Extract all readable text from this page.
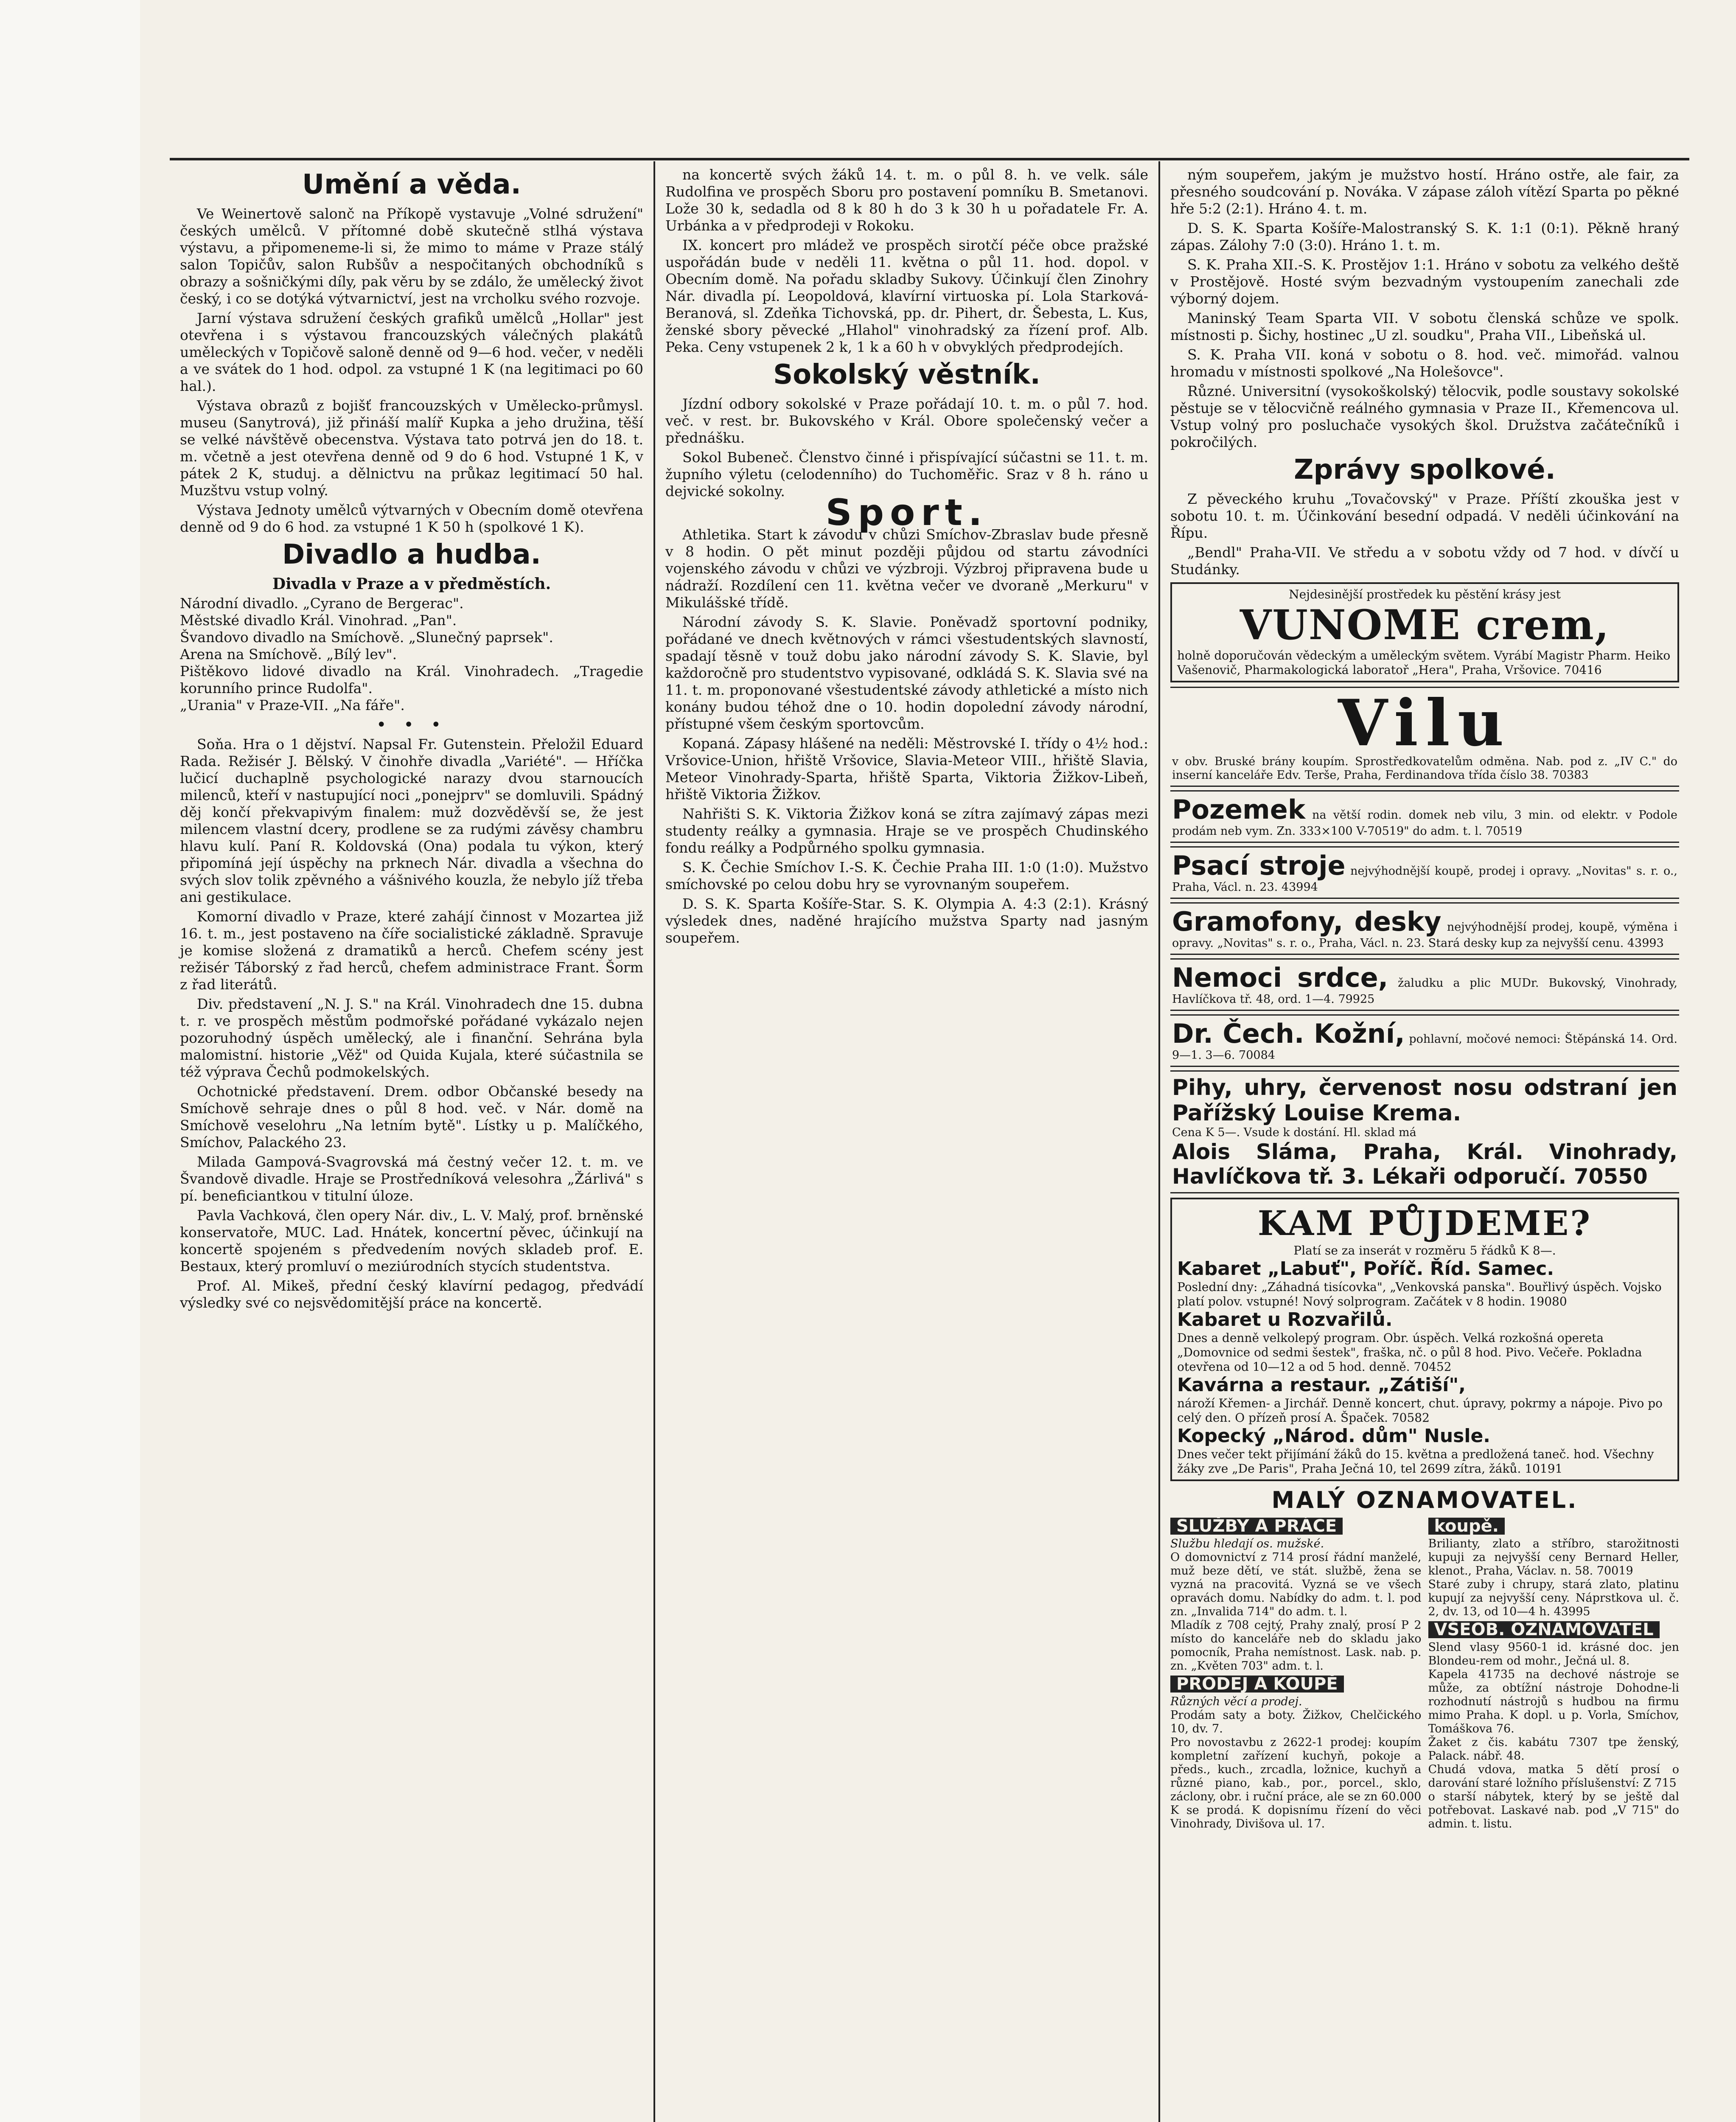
Umění a věda.

Ve Weinertově salonč na Příkopě vystavuje „Volné sdružení" českých umělců. V přítomné době skutečně stlhá výstava výstavu, a připomeneme-li si, že mimo to máme v Praze stálý salon Topičův, salon Rubšův a nespočitaných obchodníků s obrazy a sošničkými díly, pak věru by se zdálo, že umělecký život český, i co se dotýká výtvarnictví, jest na vrcholku svého rozvoje.

Jarní výstava sdružení českých grafiků umělců „Hollar" jest otevřena i s výstavou francouzských válečných plakátů uměleckých v Topičově saloně denně od 9—6 hod. večer, v neděli a ve svátek do 1 hod. odpol. za vstupné 1 K (na legitimaci po 60 hal.).

Výstava obrazů z bojišť francouzských v Umělecko-průmysl. museu (Sanytrová), již přináší malíř Kupka a jeho družina, těší se velké návštěvě obecenstva. Výstava tato potrvá jen do 18. t. m. včetně a jest otevřena denně od 9 do 6 hod. Vstupné 1 K, v pátek 2 K, studuj. a dělnictvu na průkaz legitimací 50 hal. Muzštvu vstup volný.

Výstava Jednoty umělců výtvarných v Obecním domě otevřena denně od 9 do 6 hod. za vstupné 1 K 50 h (spolkové 1 K).

Divadlo a hudba.
Divadla v Praze a v předměstích.

Národní divadlo. „Cyrano de Bergerac".

Městské divadlo Král. Vinohrad. „Pan".

Švandovo divadlo na Smíchově. „Slunečný paprsek".

Arena na Smíchově. „Bílý lev".

Pištěkovo lidové divadlo na Král. Vinohradech. „Tragedie korunního prince Rudolfa".

„Urania" v Praze-VII. „Na fáře".

• • •

Soňa. Hra o 1 dějství. Napsal Fr. Gutenstein. Přeložil Eduard Rada. Režisér J. Bělský. V činohře divadla „Variété". — Hříčka lučicí duchaplně psychologické narazy dvou starnoucích milenců, kteří v nastupující noci „ponejprv" se domluvili. Spádný děj končí překvapivým finalem: muž dozvěděvší se, že jest milencem vlastní dcery, prodlene se za rudými závěsy chambru hlavu kulí. Paní R. Koldovská (Ona) podala tu výkon, který připomíná její úspěchy na prknech Nár. divadla a všechna do svých slov tolik zpěvného a vášnivého kouzla, že nebylo jíž třeba ani gestikulace.

Komorní divadlo v Praze, které zahájí činnost v Mozartea již 16. t. m., jest postaveno na číře socialistické základně. Spravuje je komise složená z dramatiků a herců. Chefem scény jest režisér Táborský z řad herců, chefem administrace Frant. Šorm z řad literátů.

Div. představení „N. J. S." na Král. Vinohradech dne 15. dubna t. r. ve prospěch městům podmořské pořádané vykázalo nejen pozoruhodný úspěch umělecký, ale i finanční. Sehrána byla malomistní. historie „Věž" od Quida Kujala, které súčastnila se též výprava Čechů podmokelských.

Ochotnické představení. Drem. odbor Občanské besedy na Smíchově sehraje dnes o půl 8 hod. več. v Nár. domě na Smíchově veselohru „Na letním bytě". Lístky u p. Malíčkého, Smíchov, Palackého 23.

Milada Gampová-Svagrovská má čestný večer 12. t. m. ve Švandově divadle. Hraje se Prostředníková velesohra „Žárlivá" s pí. beneficiantkou v titulní úloze.

Pavla Vachková, člen opery Nár. div., L. V. Malý, prof. brněnské konservatoře, MUC. Lad. Hnátek, koncertní pěvec, účinkují na koncertě spojeném s předvedením nových skladeb prof. E. Bestaux, který promluví o meziúrodních stycích studentstva.

Prof. Al. Mikeš, přední český klavírní pedagog, předvádí výsledky své co nejsvědomitější práce na koncertě.

na koncertě svých žáků 14. t. m. o půl 8. h. ve velk. sále Rudolfina ve prospěch Sboru pro postavení pomníku B. Smetanovi. Lože 30 k, sedadla od 8 k 80 h do 3 k 30 h u pořadatele Fr. A. Urbánka a v předprodeji v Rokoku.

IX. koncert pro mládež ve prospěch sirotčí péče obce pražské uspořádán bude v neděli 11. května o půl 11. hod. dopol. v Obecním domě. Na pořadu skladby Sukovy. Účinkují člen Zinohry Nár. divadla pí. Leopoldová, klavírní virtuoska pí. Lola Starková-Beranová, sl. Zdeňka Tichovská, pp. dr. Pihert, dr. Šebesta, L. Kus, ženské sbory pěvecké „Hlahol" vinohradský za řízení prof. Alb. Peka. Ceny vstupenek 2 k, 1 k a 60 h v obvyklých předprodejích.

Sokolský věstník.

Jízdní odbory sokolské v Praze pořádají 10. t. m. o půl 7. hod. več. v rest. br. Bukovského v Král. Obore společenský večer a přednášku.

Sokol Bubeneč. Členstvo činné i přispívající súčastni se 11. t. m. župního výletu (celodenního) do Tuchoměřic. Sraz v 8 h. ráno u dejvické sokolny.

Sport.

Athletika. Start k závodu v chůzi Smíchov-Zbraslav bude přesně v 8 hodin. O pět minut později půjdou od startu závodníci vojenského závodu v chůzi ve výzbroji. Výzbroj připravena bude u nádraží. Rozdílení cen 11. května večer ve dvoraně „Merkuru" v Mikulášské třídě.

Národní závody S. K. Slavie. Poněvadž sportovní podniky, pořádané ve dnech květnových v rámci všestudentských slavností, spadají těsně v touž dobu jako národní závody S. K. Slavie, byl každoročně pro studentstvo vypisované, odkládá S. K. Slavia své na 11. t. m. proponované všestudentské závody athletické a místo nich konány budou téhož dne o 10. hodin dopolední závody národní, přístupné všem českým sportovcům.

Kopaná. Zápasy hlášené na neděli: Městrovské I. třídy o 4½ hod.: Vršovice-Union, hřiště Vršovice, Slavia-Meteor VIII., hřiště Slavia, Meteor Vinohrady-Sparta, hřiště Sparta, Viktoria Žižkov-Libeň, hřiště Viktoria Žižkov.

Nahřišti S. K. Viktoria Žižkov koná se zítra zajímavý zápas mezi studenty reálky a gymnasia. Hraje se ve prospěch Chudinského fondu reálky a Podpůrného spolku gymnasia.

S. K. Čechie Smíchov I.-S. K. Čechie Praha III. 1:0 (1:0). Mužstvo smíchovské po celou dobu hry se vyrovnaným soupeřem.

D. S. K. Sparta Košíře-Star. S. K. Olympia A. 4:3 (2:1). Krásný výsledek dnes, naděné hrajícího mužstva Sparty nad jasným soupeřem.

ným soupeřem, jakým je mužstvo hostí. Hráno ostře, ale fair, za přesného soudcování p. Nováka. V zápase záloh vítězí Sparta po pěkné hře 5:2 (2:1). Hráno 4. t. m.

D. S. K. Sparta Košíře-Malostranský S. K. 1:1 (0:1). Pěkně hraný zápas. Zálohy 7:0 (3:0). Hráno 1. t. m.

S. K. Praha XII.-S. K. Prostějov 1:1. Hráno v sobotu za velkého deště v Prostějově. Hosté svým bezvadným vystoupením zanechali zde výborný dojem.

Maninský Team Sparta VII. V sobotu členská schůze ve spolk. místnosti p. Šichy, hostinec „U zl. soudku", Praha VII., Libeňská ul.

S. K. Praha VII. koná v sobotu o 8. hod. več. mimořád. valnou hromadu v místnosti spolkové „Na Holešovce".

Různé. Universitní (vysokoškolský) tělocvik, podle soustavy sokolské pěstuje se v tělocvičně reálného gymnasia v Praze II., Křemencova ul. Vstup volný pro posluchače vysokých škol. Družstva začátečníků i pokročilých.

Zprávy spolkové.

Z pěveckého kruhu „Tovačovský" v Praze. Příští zkouška jest v sobotu 10. t. m. Účinkování besední odpadá. V neděli účinkování na Řípu.

„Bendl" Praha-VII. Ve středu a v sobotu vždy od 7 hod. v dívčí u Studánky.

Nejdesinější prostředek ku pěstění krásy jest
VUNOME crem,
holně doporučován vědeckým a uměleckým světem. Vyrábí Magistr Pharm. Heiko Vašenovič, Pharmakologická laboratoř „Hera", Praha, Vršovice. 70416
Vilu
v obv. Bruské brány koupím. Sprostředkovatelům odměna. Nab. pod z. „IV C." do inserní kanceláře Edv. Terše, Praha, Ferdinandova třída číslo 38. 70383
Pozemek na větší rodin. domek neb vilu, 3 min. od elektr. v Podole prodám neb vym. Zn. 333×100 V-70519" do adm. t. l. 70519
Psací stroje nejvýhodnější koupě, prodej i opravy. „Novitas" s. r. o., Praha, Václ. n. 23. 43994
Gramofony, desky nejvýhodnější prodej, koupě, výměna i opravy. „Novitas" s. r. o., Praha, Václ. n. 23. Stará desky kup za nejvyšší cenu. 43993
Nemoci srdce, žaludku a plic MUDr. Bukovský, Vinohrady, Havlíčkova tř. 48, ord. 1—4. 79925
Dr. Čech. Kožní, pohlavní, močové nemoci: Štěpánská 14. Ord. 9—1. 3—6. 70084
Pihy, uhry, červenost nosu odstraní jen Pařížský Louise Krema.
Cena K 5—. Vsude k dostání. Hl. sklad má
Alois Sláma, Praha, Král. Vinohrady, Havlíčkova tř. 3. Lékaři odporučí. 70550
KAM PŮJDEME?
Platí se za inserát v rozměru 5 řádků K 8—.
Kabaret „Labuť", Poříč. Říd. Samec.
Poslední dny: „Záhadná tisícovka", „Venkovská panska". Bouřlivý úspěch. Vojsko platí polov. vstupné! Nový solprogram. Začátek v 8 hodin. 19080
Kabaret u Rozvařilů.
Dnes a denně velkolepý program. Obr. úspěch. Velká rozkošná opereta „Domovnice od sedmi šestek", fraška, nč. o půl 8 hod. Pivo. Večeře. Pokladna otevřena od 10—12 a od 5 hod. denně. 70452
Kavárna a restaur. „Zátiší",
nároží Křemen- a Jirchář. Denně koncert, chut. úpravy, pokrmy a nápoje. Pivo po celý den. O přízeň prosí A. Špaček. 70582
Kopecký „Národ. dům" Nusle.
Dnes večer tekt přijímání žáků do 15. května a predložená taneč. hod. Všechny žáky zve „De Paris", Praha Ječná 10, tel 2699 zítra, žáků. 10191
MALÝ OZNAMOVATEL.
SLUŽBY A PRÁCE
Službu hledají os. mužské.
O domovnictví z 714 prosí řádní manželé, muž beze dětí, ve stát. službě, žena se vyzná na pracovitá. Vyzná se ve všech opravách domu. Nabídky do adm. t. l. pod zn. „Invalida 714" do adm. t. l.
Mladík z 708 cejtý, Prahy znalý, prosí P 2 místo do kanceláře neb do skladu jako pomocník, Praha nemístnost. Lask. nab. p. zn. „Květen 703" adm. t. l.
PRODEJ A KOUPĚ
Různých věcí a prodej.
Prodám saty a boty. Žižkov, Chelčického 10, dv. 7.
Pro novostavbu z 2622-1 prodej: koupím kompletní zařízení kuchyň, pokoje a předs., kuch., zrcadla, ložnice, kuchyň a různé piano, kab., por., porcel., sklo, záclony, obr. i ruční práce, ale se zn 60.000 K se prodá. K dopisnímu řízení do věci Vinohrady, Divišova ul. 17.
koupě.
Brilianty, zlato a stříbro, starožitnosti kupuji za nejvyšší ceny Bernard Heller, klenot., Praha, Václav. n. 58. 70019
Staré zuby i chrupy, stará zlato, platinu kupují za nejvyšší ceny. Náprstkova ul. č. 2, dv. 13, od 10—4 h. 43995
VŠEOB. OZNAMOVATEL
Slend vlasy 9560-1 id. krásné doc. jen Blondeu-rem od mohr., Ječná ul. 8.
Kapela 41735 na dechové nástroje se může, za obtížní nástroje Dohodne-li rozhodnutí nástrojů s hudbou na firmu mimo Praha. K dopl. u p. Vorla, Smíchov, Tomáškova 76.
Žaket z čis. kabátu 7307 tpe ženský, Palack. nábř. 48.
Chudá vdova, matka 5 dětí prosí o darování staré ložního příslušenství: Z 715
o starší nábytek, který by se ještě dal potřebovat. Laskavé nab. pod „V 715" do admin. t. listu.
